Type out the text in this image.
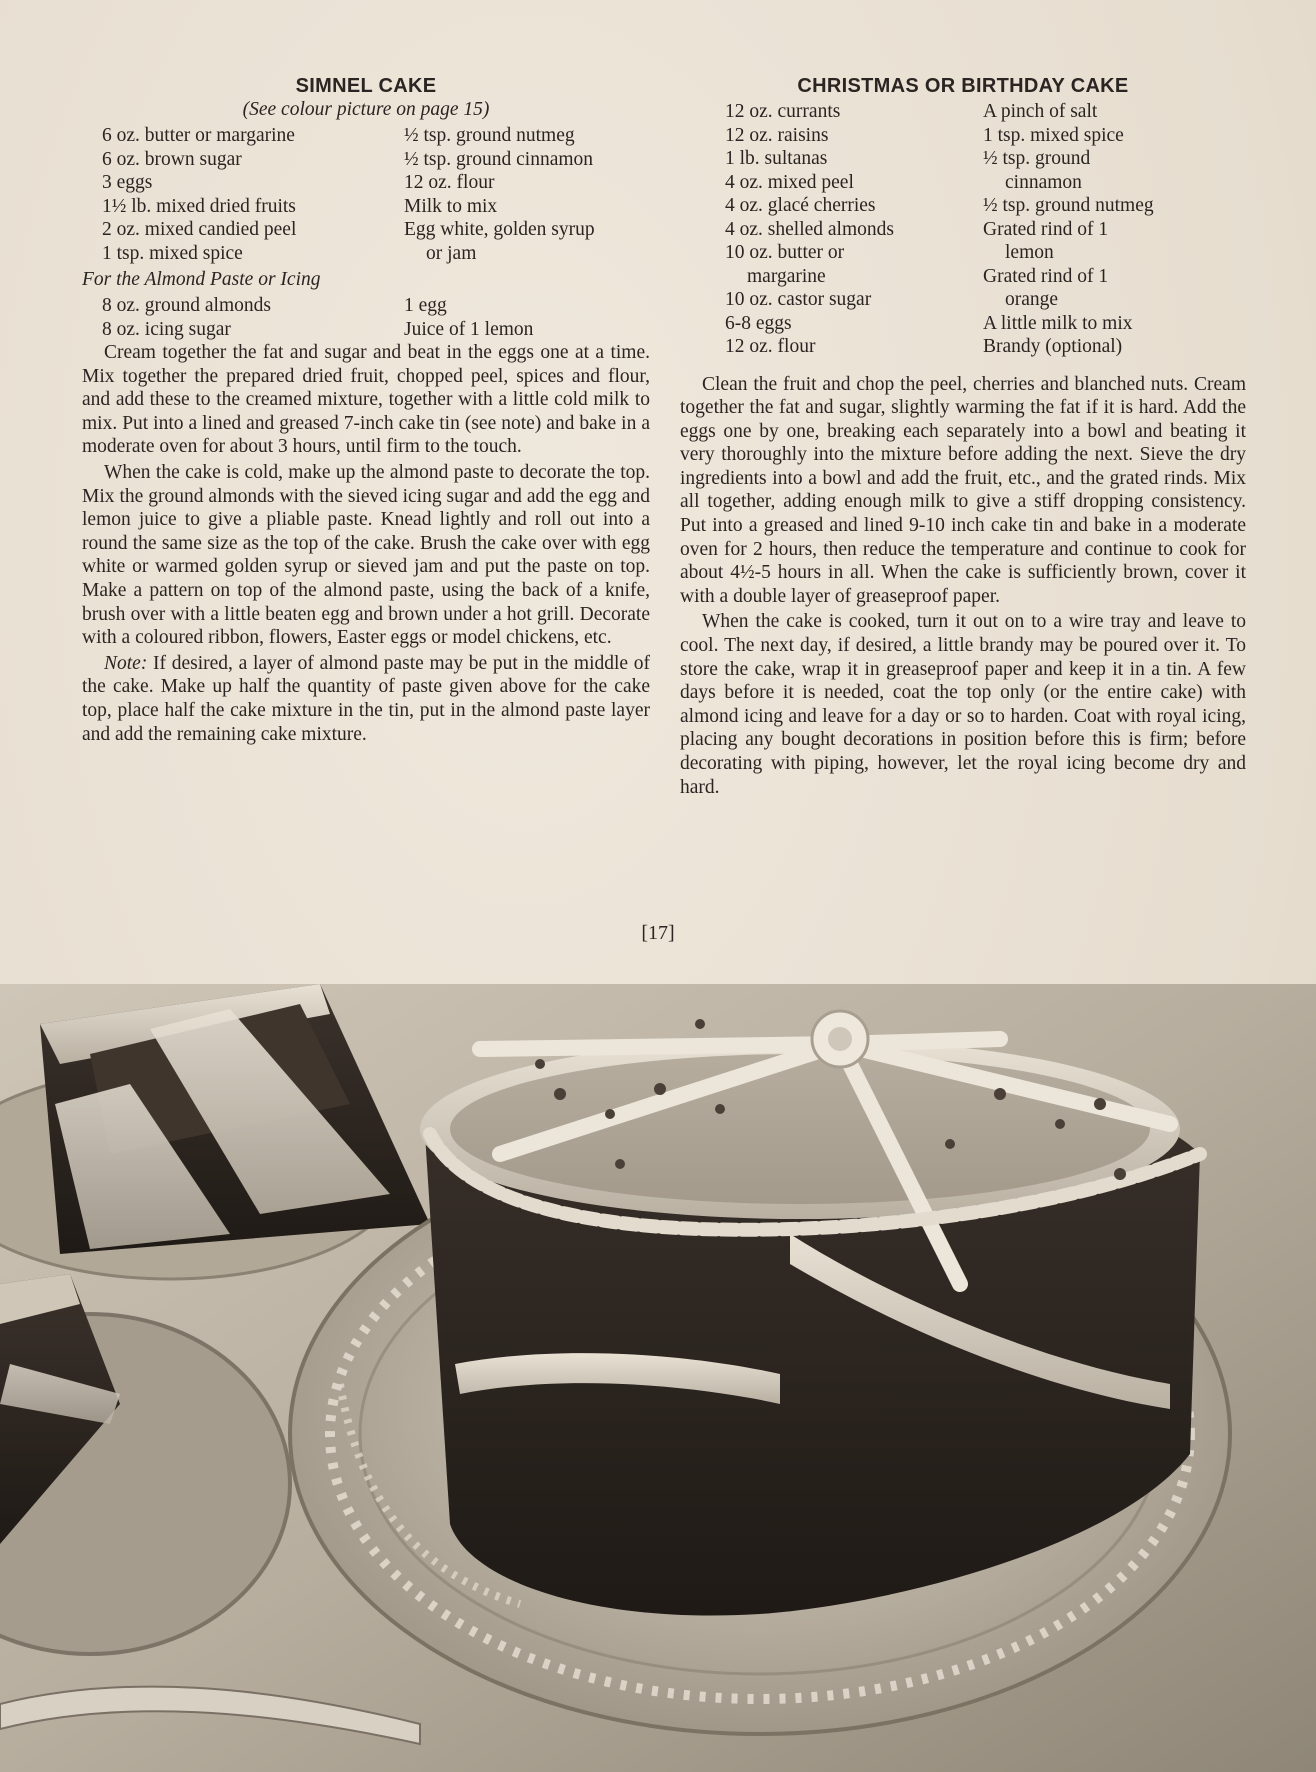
SIMNEL CAKE

(See colour picture on page 15)

6 oz. butter or margarine
6 oz. brown sugar
3 eggs
1½ lb. mixed dried fruits
2 oz. mixed candied peel
1 tsp. mixed spice
½ tsp. ground nutmeg
½ tsp. ground cinnamon
12 oz. flour
Milk to mix
Egg white, golden syrup
or jam

For the Almond Paste or Icing

8 oz. ground almonds
8 oz. icing sugar
1 egg
Juice of 1 lemon

Cream together the fat and sugar and beat in the eggs one at a time. Mix together the prepared dried fruit, chopped peel, spices and flour, and add these to the creamed mixture, together with a little cold milk to mix. Put into a lined and greased 7-inch cake tin (see note) and bake in a moderate oven for about 3 hours, until firm to the touch.

When the cake is cold, make up the almond paste to decorate the top. Mix the ground almonds with the sieved icing sugar and add the egg and lemon juice to give a pliable paste. Knead lightly and roll out into a round the same size as the top of the cake. Brush the cake over with egg white or warmed golden syrup or sieved jam and put the paste on top. Make a pattern on top of the almond paste, using the back of a knife, brush over with a little beaten egg and brown under a hot grill. Decorate with a coloured ribbon, flowers, Easter eggs or model chickens, etc.

Note: If desired, a layer of almond paste may be put in the middle of the cake. Make up half the quantity of paste given above for the cake top, place half the cake mixture in the tin, put in the almond paste layer and add the remaining cake mixture.

CHRISTMAS OR BIRTHDAY CAKE
12 oz. currants
12 oz. raisins
1 lb. sultanas
4 oz. mixed peel
4 oz. glacé cherries
4 oz. shelled almonds
10 oz. butter or
margarine
10 oz. castor sugar
6-8 eggs
12 oz. flour
A pinch of salt
1 tsp. mixed spice
½ tsp. ground
cinnamon
½ tsp. ground nutmeg
Grated rind of 1
lemon
Grated rind of 1
orange
A little milk to mix
Brandy (optional)

Clean the fruit and chop the peel, cherries and blanched nuts. Cream together the fat and sugar, slightly warming the fat if it is hard. Add the eggs one by one, breaking each separately into a bowl and beating it very thoroughly into the mixture before adding the next. Sieve the dry ingredients into a bowl and add the fruit, etc., and the grated rinds. Mix all together, adding enough milk to give a stiff dropping consistency. Put into a greased and lined 9-10 inch cake tin and bake in a moderate oven for 2 hours, then reduce the temperature and continue to cook for about 4½-5 hours in all. When the cake is sufficiently brown, cover it with a double layer of greaseproof paper.

When the cake is cooked, turn it out on to a wire tray and leave to cool. The next day, if desired, a little brandy may be poured over it. To store the cake, wrap it in greaseproof paper and keep it in a tin. A few days before it is needed, coat the top only (or the entire cake) with almond icing and leave for a day or so to harden. Coat with royal icing, placing any bought decorations in position before this is firm; before decorating with piping, however, let the royal icing become dry and hard.

[17]
